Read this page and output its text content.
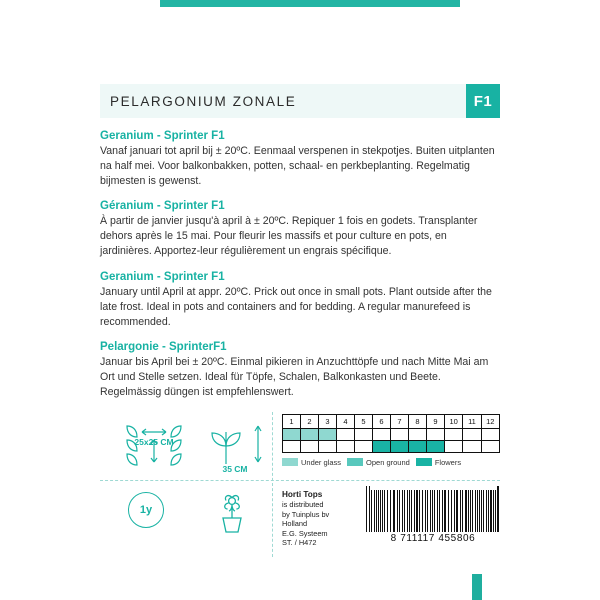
PELARGONIUM ZONALE	F1
Geranium - Sprinter F1

Vanaf januari tot april bij ± 20ºC. Eenmaal verspenen in stekpotjes. Buiten uitplanten na half mei. Voor balkonbakken, potten, schaal- en perkbeplanting. Regelmatig bijmesten is gewenst.

Géranium - Sprinter F1

À partir de janvier jusqu'à april à ± 20ºC. Repiquer 1 fois en godets. Transplanter dehors après le 15 mai. Pour fleurir les massifs et pour culture en pots, en jardinières. Apportez-leur régulièrement un engrais spécifique.

Geranium - Sprinter F1

January until April at appr. 20ºC. Prick out once in small pots. Plant outside after the late frost. Ideal in pots and containers and for bedding. A regular manurefeed is recommended.

Pelargonie - SprinterF1

Januar bis April bei ± 20ºC. Einmal pikieren in Anzuchttöpfe und nach Mitte Mai am Ort und Stelle setzen. Ideal für Töpfe, Schalen, Balkonkasten und Beete. Regelmässig düngen ist empfehlenswert.

25x25 CM
35 CM
1y
1	2	3	4	5	6	7	8	9	10	11	12

Under glass	Open ground	Flowers
Horti Tops
is distributed
by Tuinplus bv
Holland
E.G. Systeem
ST. / H472	8 711117 455806
